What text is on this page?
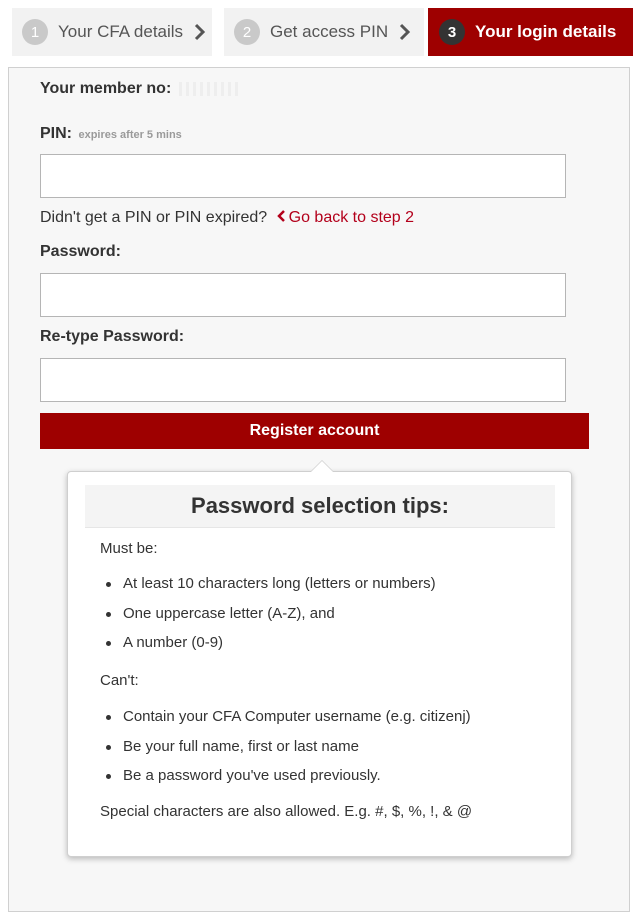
1	Your CFA details	2	Get access PIN	3	Your login details
Your member no:
PIN: expires after 5 mins
Didn't get a PIN or PIN expired? Go back to step 2
Password:
Re-type Password:
Register account
Password selection tips:
Must be:
At least 10 characters long (letters or numbers)
One uppercase letter (A-Z), and
A number (0-9)
Can't:
Contain your CFA Computer username (e.g. citizenj)
Be your full name, first or last name
Be a password you've used previously.
Special characters are also allowed. E.g. #, $, %, !, & @
